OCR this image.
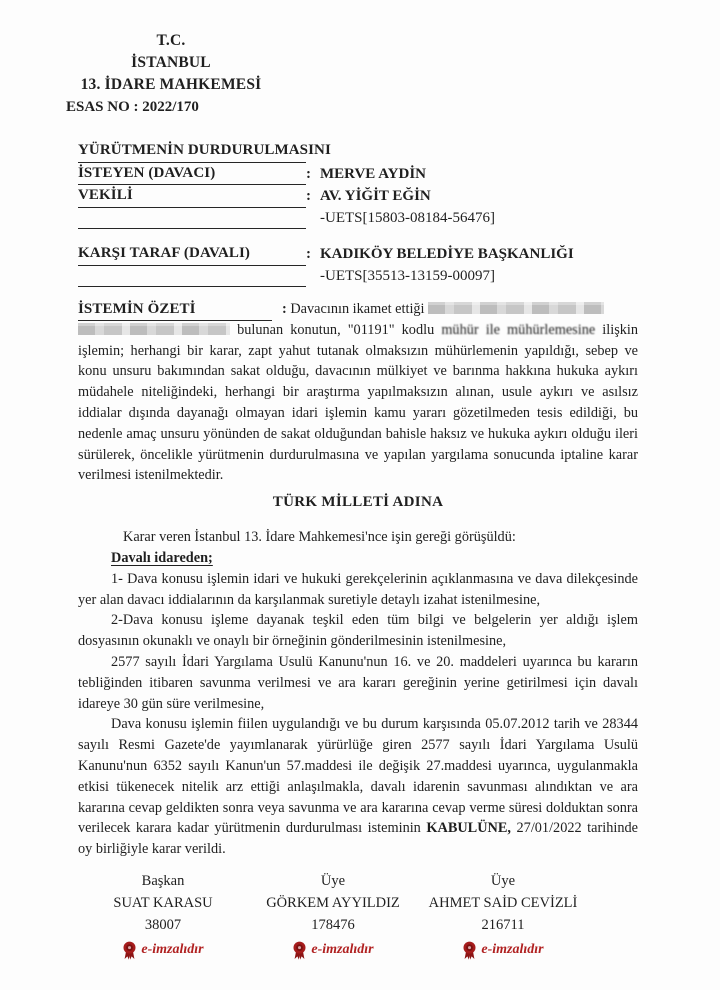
T.C.
İSTANBUL
13. İDARE MAHKEMESİ
ESAS NO : 2022/170
YÜRÜTMENİN DURDURULMASINI
İSTEYEN (DAVACI)	: MERVE AYDİN
VEKİLİ	: AV. YİĞİT EĞİN
-UETS[15803-08184-56476]
KARŞI TARAF (DAVALI)	: KADIKÖY BELEDİYE BAŞKANLIĞI
-UETS[35513-13159-00097]
İSTEMİN ÖZETİ	: Davacının ikamet ettiği
bulunan konutun, "01191" kodlu mühür ile mühürlemesine ilişkin işlemin; herhangi bir karar, zapt yahut tutanak olmaksızın mühürlemenin yapıldığı, sebep ve konu unsuru bakımından sakat olduğu, davacının mülkiyet ve barınma hakkına hukuka aykırı müdahele niteliğindeki, herhangi bir araştırma yapılmaksızın alınan, usule aykırı ve asılsız iddialar dışında dayanağı olmayan idari işlemin kamu yararı gözetilmeden tesis edildiği, bu nedenle amaç unsuru yönünden de sakat olduğundan bahisle haksız ve hukuka aykırı olduğu ileri sürülerek, öncelikle yürütmenin durdurulmasına ve yapılan yargılama sonucunda iptaline karar verilmesi istenilmektedir.

TÜRK MİLLETİ ADINA

Karar veren İstanbul 13. İdare Mahkemesi'nce işin gereği görüşüldü:

Davalı idareden;

1- Dava konusu işlemin idari ve hukuki gerekçelerinin açıklanmasına ve dava dilekçesinde yer alan davacı iddialarının da karşılanmak suretiyle detaylı izahat istenilmesine,

2-Dava konusu işleme dayanak teşkil eden tüm bilgi ve belgelerin yer aldığı işlem dosyasının okunaklı ve onaylı bir örneğinin gönderilmesinin istenilmesine,

2577 sayılı İdari Yargılama Usulü Kanunu'nun 16. ve 20. maddeleri uyarınca bu kararın tebliğinden itibaren savunma verilmesi ve ara kararı gereğinin yerine getirilmesi için davalı idareye 30 gün süre verilmesine,

Dava konusu işlemin fiilen uygulandığı ve bu durum karşısında 05.07.2012 tarih ve 28344 sayılı Resmi Gazete'de yayımlanarak yürürlüğe giren 2577 sayılı İdari Yargılama Usulü Kanunu'nun 6352 sayılı Kanun'un 57.maddesi ile değişik 27.maddesi uyarınca, uygulanmakla etkisi tükenecek nitelik arz ettiği anlaşılmakla, davalı idarenin savunması alındıktan ve ara kararına cevap geldikten sonra veya savunma ve ara kararına cevap verme süresi dolduktan sonra verilecek karara kadar yürütmenin durdurulması isteminin KABULÜNE, 27/01/2022 tarihinde oy birliğiyle karar verildi.

Başkan
SUAT KARASU
38007
e-imzalıdır
Üye
GÖRKEM AYYILDIZ
178476
e-imzalıdır
Üye
AHMET SAİD CEVİZLİ
216711
e-imzalıdır
